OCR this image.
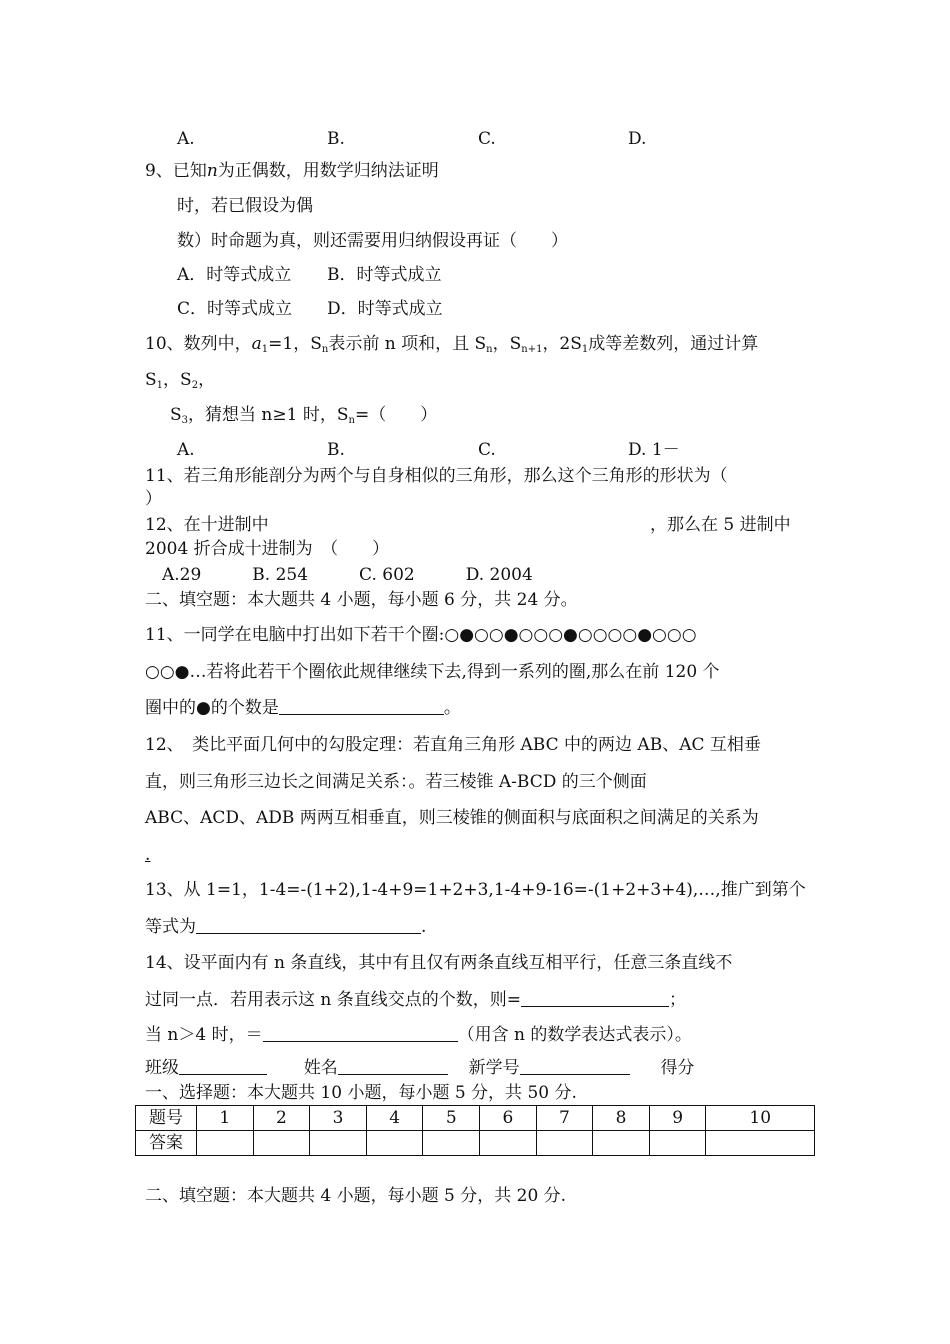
A.	B.	C.	D.
9、已知n为正偶数，用数学归纳法证明
时，若已假设为偶
数）时命题为真，则还需要用归纳假设再证（　　）
A．时等式成立 B．时等式成立
C．时等式成立 D．时等式成立
10、数列中，$a_1=1$，$S_n$表示前 n 项和，且 $S_n$，$S_{n+1}$，$2S_1$成等差数列，通过计算
$S_1$，$S_2$，
$S_3$，猜想当 n≥1 时，$S_n=$（　　）
A.	B.	C.	D. 1－
11、若三角形能剖分为两个与自身相似的三角形，那么这个三角形的形状为（
）
12、在十进制中	，那么在 5 进制中
2004 折合成十进制为　（　　）
A.29　　　B. 254　　　C. 602　　　D. 2004
二、填空题：本大题共 4 小题，每小题 6 分，共 24 分。
11、一同学在电脑中打出如下若干个圈:○●○○●○○○●○○○○●○○○
○○●…若将此若干个圈依此规律继续下去,得到一系列的圈,那么在前 120 个
圈中的●的个数是	。
12、　类比平面几何中的勾股定理：若直角三角形 ABC 中的两边 AB、AC 互相垂
直，则三角形三边长之间满足关系：。若三棱锥 A-BCD 的三个侧面
ABC、ACD、ADB 两两互相垂直，则三棱锥的侧面积与底面积之间满足的关系为
.
13、从 1=1，1-4=-(1+2),1-4+9=1+2+3,1-4+9-16=-(1+2+3+4),…,推广到第个
等式为	.
14、设平面内有 n 条直线，其中有且仅有两条直线互相平行，任意三条直线不
过同一点．若用表示这 n 条直线交点的个数，则=	；
当 n＞4 时，＝	（用含 n 的数学表达式表示）。
班级	姓名	新学号	得分
一、选择题：本大题共 10 小题，每小题 5 分，共 50 分.
题号	1	2	3	4	5	6	7	8	9	10
答案										
二、填空题：本大题共 4 小题，每小题 5 分，共 20 分.
